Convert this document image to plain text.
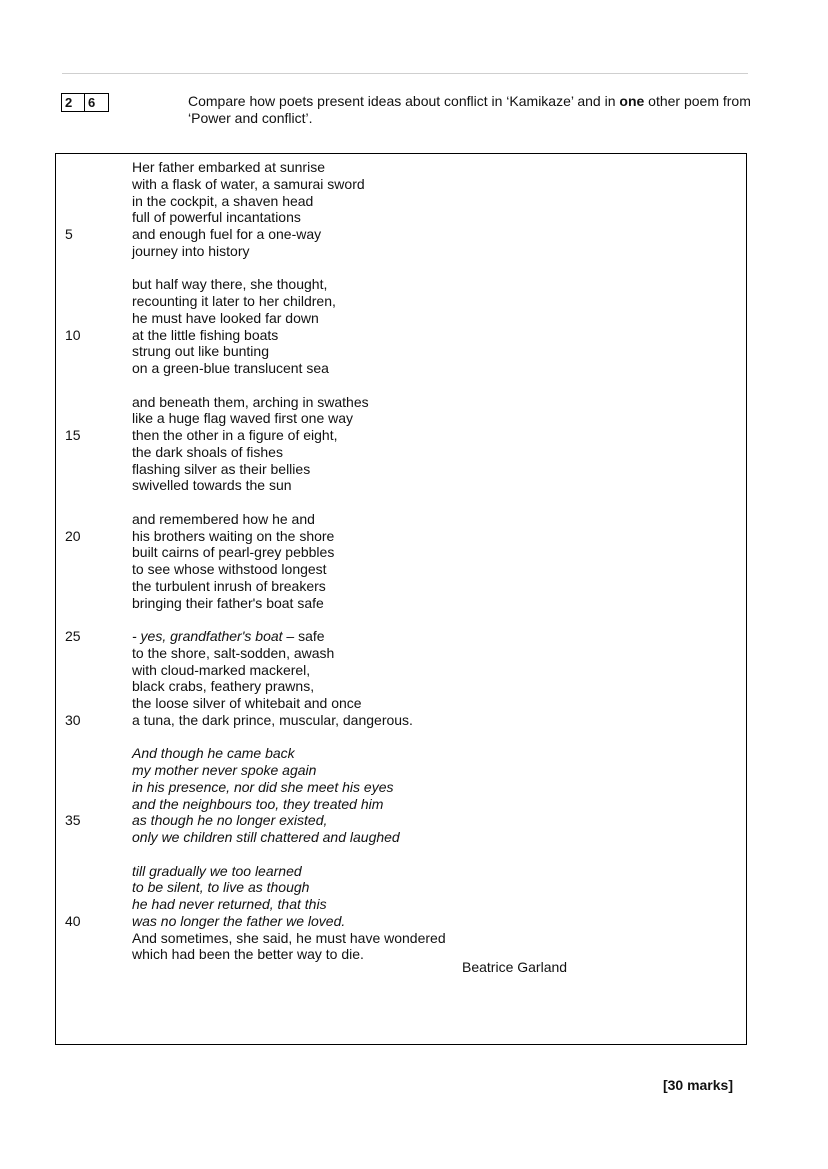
2	6	Compare how poets present ideas about conflict in ‘Kamikaze’ and in one other poem from ‘Power and conflict’.
Her father embarked at sunrise
with a flask of water, a samurai sword
in the cockpit, a shaven head
full of powerful incantations
and enough fuel for a one-way
journey into history
but half way there, she thought,
recounting it later to her children,
he must have looked far down
at the little fishing boats
strung out like bunting
on a green-blue translucent sea
and beneath them, arching in swathes
like a huge flag waved first one way
then the other in a figure of eight,
the dark shoals of fishes
flashing silver as their bellies
swivelled towards the sun
and remembered how he and
his brothers waiting on the shore
built cairns of pearl-grey pebbles
to see whose withstood longest
the turbulent inrush of breakers
bringing their father's boat safe
- yes, grandfather's boat – safe
to the shore, salt-sodden, awash
with cloud-marked mackerel,
black crabs, feathery prawns,
the loose silver of whitebait and once
a tuna, the dark prince, muscular, dangerous.
And though he came back
my mother never spoke again
in his presence, nor did she meet his eyes
and the neighbours too, they treated him
as though he no longer existed,
only we children still chattered and laughed
till gradually we too learned
to be silent, to live as though
he had never returned, that this
was no longer the father we loved.
And sometimes, she said, he must have wondered
which had been the better way to die.
5
10
15
20
25
30
35
40
Beatrice Garland
[30 marks]
